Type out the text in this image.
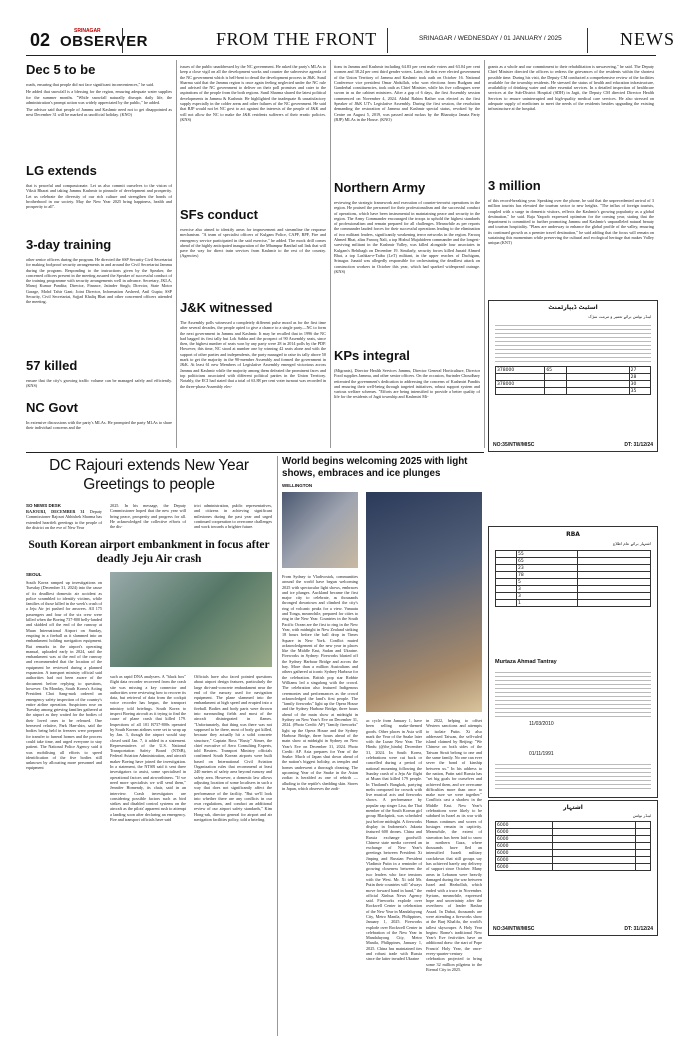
02	SRINAGAR
OBSERVER	FROM THE FRONT	SRINAGAR / WEDNESDAY / 01 JANUARY / 2025	NEWS
Dec 5 to be

roads, ensuring that people did not face significant inconveniences," he said.

He added that snowfall is a blessing for the region, ensuring adequate water supplies for the summer months. "While snowfall naturally disrupts daily life, the administration's prompt action was widely appreciated by the public," he added.

The advisor said that people of Jammu and Kashmir need not to get disappointed as next December 31 will be marked as unofficial holiday. (KNO)

LG extends
that is peaceful and compassionate. Let us also commit ourselves to the vision of Viksit Bharat and taking Jammu Kashmir to pinnacle of development and prosperity. Let us celebrate the diversity of our rich culture and strengthen the bonds of brotherhood in our society. May the New Year 2025 bring happiness, health and prosperity to all".
3-day training
other senior officers during the program. He directed the SSP Security Civil Secretariat for making foolproof security arrangements in and around the Civil Secretariat Jammu during the program. Responding to the instructions given by the Speaker, the concerned officers present in the meeting assured the Speaker of successful conduct of the training programme with security arrangements well in advance. Secretary, JKLA, Manoj Kumar Pandita; Director, Finance, Jatinder Singh; Director, State Motor Garage, Mohd Tahir Gani; Joint Director, Information Arsheed, Anil Gupta; SSP Security, Civil Secretariat, Sajjad Khaliq Bhat and other concerned officers attended the meeting.
57 killed
ensure that the city's growing traffic volume can be managed safely and efficiently. (KNS)
NC Govt
In extensive discussions with the party's MLAs. He prompted the party MLAs to share their individual concerns and the
issues of the public unaddressed by the NC government. He asked the party's MLAs to keep a close vigil on all the development works and counter the subversive agenda of the NC government which is hell-bent to derail the development process in J&K. Sunil Sharma said that the Jammu region is once again feeling neglected under the NC rule and advised the NC government to deliver on their poll promises and cater to the aspirations of the people from the both regions. Sunil Sharma shared the latest political developments in Jammu & Kashmir. He highlighted the inadequate & unsatisfactory supply especially in the colder areas and other failures of the NC government. He said that BJP would not let NC govt to act against the interests of the people of J&K and will not allow the NC to make the J&K residents sufferers of their erratic policies. (KNS)
SFs conduct
exercise also aimed to identify areas for improvement and streamline the response mechanism. "A team of specialist officers of Kulgam Police, CAPF, RPF, Fire and emergency service participated in the said exercise," he added. The mock drill comes ahead of the highly anticipated inauguration of the Mhampur Banihal rail link that will pave the way for direct train services from Kashmir to the rest of the country. (Agencies)
J&K witnessed
The Assembly polls witnessed a completely different pulse mood as for the first time after several decades, the people opted to give a chance to a single party—NC to form the next government in Jammu and Kashmir. It may be recalled that in 1996 the NC had bagged its first tally but Lok Sabha and the prospect of 90 Assembly seats, since then, the highest number of seats won by any party were 28 in 2014 polls by the PDP. However, this time, NC stood at number one by winning 42 seats alone and with the support of other parties and independents, the party managed to raise its tally above 50 mark to get the majority in the 90-member Assembly and formed the government in J&K. At least 61 new Members of Legislative Assembly emerged victorious across Jammu and Kashmir while the majority among them defeated the prominent faces and top politicians associated with different political parties in the Union Territory. Notably, the ECI had stated that a total of 63.88 per cent voter turnout was recorded in the three-phase Assembly elec-
tions in Jammu and Kashmir including 64.83 per cent male voters and 63.04 per cent women and 38.24 per cent third gender voters. Later, the first ever elected government of the Union Territory of Jammu and Kashmir took oath on October 16. National Conference vice president Omar Abdullah, who won elections from Budgam and Ganderbal constituencies, took oath as Chief Minister, while his five colleagues were sworn in as the cabinet ministers. After a gap of 6 days, the first Assembly session commenced on November 4, 2024. Abdul Rahim Rather was elected as the first Speaker of J&K UT's Legislative Assembly. During the first session, the resolution demanding the restoration of Jammu and Kashmir special status, revoked by the Centre on August 5, 2019, was passed amid ruckus by the Bharatiya Janata Party (BJP) MLAs in the House. (KNO)
Northern Army
reviewing the strategic framework and execution of counter-terrorist operations in the region. He praised the personnel for their professionalism and the successful conduct of operations, which have been instrumental in maintaining peace and security in the region. The Army Commander encouraged the troops to uphold the highest standards of professionalism and remain prepared for all challenges. Meanwhile as per reports the commander lauded forces for their successful operations leading to the elimination of two militant leaders, significantly weakening terror networks in the region. Farooq Ahmed Bhat, alias Farooq Nali, a top Hizbul Mujahideen commander and the longest-surviving militant in the Kashmir Valley, was killed alongside four associates in Kulgam's Behibagh on December 19. Similarly, security forces killed Junaid Ahmed Bhat, a top Lashkar-e-Taiba (LeT) militant, in the upper reaches of Dachigam, Srinagar. Junaid was allegedly responsible for orchestrating the deadliest attack on construction workers in October this year, which had sparked widespread outrage. (KNS)
KPs integral
(Migrants), Director Health Services Jammu, Director General Horticulture, Director Food supplies Jammu, and other senior officers. On the occasion, Surinder Choudhary reiterated the government's dedication to addressing the concerns of Kashmiri Pandits and ensuring their well-being through targeted initiatives, robust support system and various welfare schemes. "Efforts are being intensified to provide a better quality of life for the residents of Jagti township and Kashmiri Mi-
grants as a whole and our commitment to their rehabilitation is unwavering," he said. The Deputy Chief Minister directed the officers to redress the grievances of the residents within the shortest possible time. During his visit, the Deputy CM conducted a comprehensive review of the facilities available for the township residents. He stressed the status of health and education infrastructure, availability of drinking water and other essential services. In a detailed inspection of healthcare services at the Sub-District Hospital (SDH) in Jagti, the Deputy CM directed Director Health Services to ensure uninterrupted and high-quality medical care services. He also stressed on adequate supply of medicines to meet the needs of the residents besides upgrading the existing infrastructure at the hospital.
3 million
of this record-breaking year. Speaking over the phone, he said that the unprecedented arrival of 3 million tourists has elevated the tourism sector to new heights. "The influx of foreign tourists, coupled with a surge in domestic visitors, reflects the Kashmir's growing popularity as a global destination," he said. Raja Yaqoob expressed optimism for the coming year, stating that the department is committed to further promoting Jammu and Kashmir's unparalleled natural beauty and tourism hospitality. "Plans are underway to enhance the global profile of the valley, ensuring its continued growth as a premier travel destination," he said adding that the focus will remain on sustaining this momentum while preserving the cultural and ecological heritage that makes Valley unique.(KNT)
اسٹیٹ ڈیپارٹمنٹ
ٹینڈر نوٹس برائے تعمیر و مرمت سڑک
378000	65		27
			28
378000			30
			35
NO:35/NTW/MISC	DT: 31/12/24
RBA
اشتہار برائے عام اطلاع
	55	
	65	
	23	
	78	
	5	
	3	
	3	
	1	
Murtaza Ahmad Tantray
11/03/2010
01/11/1991
اشتہار
ٹینڈر نوٹس
6000		
6000		
6000		
6000		
6000		
6000		
6000		
NO:34/NTW/MISC	DT: 31/12/24
DC Rajouri extends New Year Greetings to people
SO NEWS DESK
RAJOURI, DECEMBER 31 Deputy Commissioner Rajouri Abhishek Sharma has extended heartfelt greetings to the people of the district on the eve of New Year
2025. In his message, the Deputy Commissioner hoped that the new year will bring peace, prosperity and progress for all. He acknowledged the collective efforts of the dis-
trict administration, public representatives, and citizens in achieving significant milestones during the past year and urged continued cooperation to overcome challenges and work towards a brighter future.
South Korean airport embankment in focus after deadly Jeju Air crash
SEOUL
South Korea ramped up investigations on Tuesday (December 31, 2024) into the cause of its deadliest domestic air accident as police scrambled to identify victims, while families of those killed in the week's crash of a Jeju Air jet pushed for answers. All 175 passengers and four of the six crew were killed when the Boeing 737-800 belly-landed and skidded off the end of the runway at Muan International Airport on Sunday, erupting in a fireball as it slammed into an embankment holding navigation equipment. But remarks in the airport's operating manual, uploaded early in 2024, said the embankment was at the end of the runway and recommended that the location of the equipment be reviewed during a planned expansion. A transport ministry official said authorities had not been aware of the document before replying to questions, however. On Monday, South Korea's Acting President Choi Sang-mok ordered an emergency safety inspection of the country's entire airline operation. Suspicions rose on Tuesday among grieving families gathered at the airport as they waited for the bodies of their loved ones to be released. One bereaved relative, Park Han-shin, said the bodies being held in freezers were prepared for transfer to funeral homes and the process could take time, and urged everyone to stay patient. The National Police Agency said it was mobilising all efforts to speed identification of the five bodies still unknown by allocating more personnel and equipment
such as rapid DNA analysers. A "black box" flight data recorder recovered from the crash site was missing a key connector and authorities were reviewing how to recover its data, but retrieval of data from the cockpit voice recorder has begun, the transport ministry told briefings. South Korea to inspect Boeing aircraft as it trying to find the cause of plane crash that killed 179. Inspections of all 101 B737-800s operated by South Korean airlines were set to wrap up by Jan. 3, though the airport would stay closed until Jan. 7, it added in a statement. Representatives of the U.S. National Transportation Safety Board (NTSB), Federal Aviation Administration, and aircraft maker Boeing have joined the investigation. In a statement, the NTSB said it sent three investigators to assist, some specialised in operational factors and airworthiness. "If we need more specialists we will send them," Jennifer Homendy, its chair, said in an interview. Crash investigators are considering possible factors such as bird strikes and disabled control systems on the aircraft as the pilots' apparent rush to attempt a landing soon after declaring an emergency. Fire and transport officials have said
Officials have also faced pointed questions about airport design features, particularly the large dirt-and-concrete embankment near the end of the runway used for navigation equipment. The plane slammed into the embankment at high speed and erupted into a fireball. Bodies and body parts were thrown into surrounding fields and most of the aircraft disintegrated in flames. "Unfortunately, that thing was there was not supposed to be there, most of body got killed, because they actually hit a solid concrete structure," Captain Ross "Rusty" Aimer, the chief executive of Aero Consulting Experts, told Reuters. Transport Ministry officials confirmed South Korean airports were built based on International Civil Aviation Organization rules that recommend at least 240 metres of safety area beyond runway and safety area. However, a domestic law allows adjusting location of some localisers in such a way that does not significantly affect the performance of the facility. "But we'll look into whether there are any conflicts in our own regulations, and conduct an additional review of our airport safety standards," Kim Hong-rak, director general for airport and air navigation facilities policy, told a briefing.
World begins welcoming 2025 with light shows, embraces and ice plunges
WELLINGTON
From Sydney to Vladivostok, communities around the world have begun welcoming 2025 with spectacular light shows, embraces and ice plunges. Auckland became the first major city to celebrate, as thousands thronged downtown and climbed the city's ring of volcanic peaks for a view. Vanuatu and Tonga, meanwhile, prepared for cities to ring in the New Year. Countries in the South Pacific Ocean are the first to ring in the New Year, with midnight in New Zealand striking 18 hours before the ball drop in Times Square in New York. Conflict muted acknowledgement of the new year in places like the Middle East, Sudan and Ukraine. Fireworks in Sydney: Fireworks blasted off the Sydney Harbour Bridge and across the bay. More than a million Australians and others gathered at iconic Sydney Harbour for the celebration. British pop star Robbie Williams led a singalong with the crowd. The celebration also featured Indigenous ceremonies and performances as the crowd acknowledged the land's first people. The "family fireworks" light up the Opera House and the Sydney Harbour Bridge, three hours ahead of the main show at midnight in Sydney on New Year's Eve on December 31, 2024. (Photo Credit: AP) "family fireworks" light up the Opera House and the Sydney Harbour Bridge, three hours ahead of the main show at midnight in Sydney on New Year's Eve on December 31, 2024. Photo Credit: AP. Asia prepares for Year of the Snake: Much of Japan shut down ahead of the nation's biggest holiday, as temples and homes underwent a thorough cleaning. The upcoming Year of the Snake in the Asian zodiac is heralded as one of rebirth — alluding to the reptile's shedding skin. Stores in Japan, which observes the zodi-
ac cycle from January 1, have been selling snake-themed goods. Other places in Asia will mark the Year of the Snake later with the Lunar New Year. The Hindu (@the_hindu) December 31, 2024. In South Korea, celebrations were cut back or cancelled during a period of national mourning following the Sunday crash of a Jeju Air flight at Muan that killed 179 people. In Thailand's Bangkok, partying melts composed for crowds with live musical acts and fireworks shows. A performance by popular rap singer Lisa, the Thai member of the South Korean girl group Blackpink, was scheduled just before midnight. A fireworks display in Indonesia's Jakarta featured 600 drones. China and Russia exchange goodwill: Chinese state media covered an exchange of New Year's greetings between President Xi Jinping and Russian President Vladimir Putin in a reminder of growing closeness between the two leaders who face tensions with the West. Mr. Xi told Mr. Putin their countries will "always move forward hand in hand," the official Xinhua News Agency said. Fireworks explode over Rockwell Center in celebration of the New Year in Mandaluyong City, Metro Manila, Philippines, January 1, 2025. Fireworks explode over Rockwell Center in celebration of the New Year in Mandaluyong City, Metro Manila, Philippines, January 1, 2025. China has maintained ties and robust trade with Russia since the latter invaded Ukraine
in 2022, helping to offset Western sanctions and attempts to isolate Putin. Xi also addressed Taiwan, the self-ruled island claimed by Beijing: "We Chinese on both sides of the Taiwan Strait belong to one and the same family. No one can ever sever the bond of kinship between us." In his address to the nation, Putin said Russia has "set big goals for ourselves and achieved them, and we overcame difficulties more than once to make sure we were together." Conflicts cast a shadow in the Middle East. New Year's celebrations were likely to be subdued in Israel as its war with Hamas continues and scores of hostages remain in captivity. Meanwhile, the extent of starvation has been laid to snow in northern Gaza, where thousands have fled an intensified Israeli military crackdown that still groups say has achieved barely any delivery of support since October. Many areas in Lebanon were heavily damaged during the war between Israel and Hezbollah, which ended with a truce in November. Syrians, meanwhile, expressed hope and uncertainty after the overthrow of leader Bashar Assad. In Dubai, thousands are were attending a fireworks show at the Burj Khalifa, the world's tallest skyscraper. A Holy Year begins: Rome's traditional New Year's Eve festivities have an additional draw: the start of Pope Francis' Holy Year, the once-every-quarter-century celebration projected to bring some 32 million pilgrims to the Eternal City in 2025.
